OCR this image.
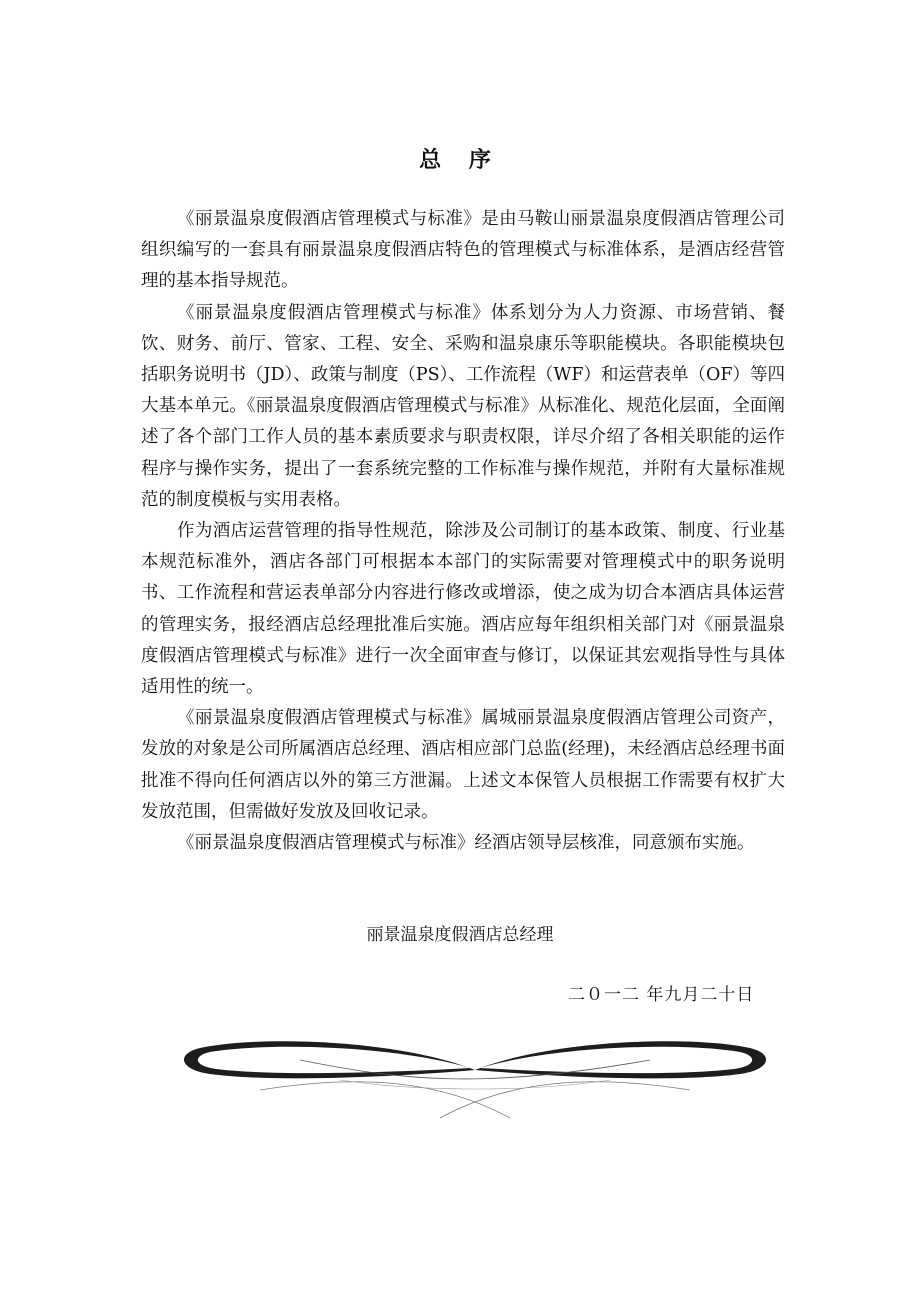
总 序

《丽景温泉度假酒店管理模式与标准》是由马鞍山丽景温泉度假酒店管理公司组织编写的一套具有丽景温泉度假酒店特色的管理模式与标准体系，是酒店经营管理的基本指导规范。

《丽景温泉度假酒店管理模式与标准》体系划分为人力资源、市场营销、餐饮、财务、前厅、管家、工程、安全、采购和温泉康乐等职能模块。各职能模块包括职务说明书（JD）、政策与制度（PS）、工作流程（WF）和运营表单（OF）等四大基本单元。《丽景温泉度假酒店管理模式与标准》从标准化、规范化层面，全面阐述了各个部门工作人员的基本素质要求与职责权限，详尽介绍了各相关职能的运作程序与操作实务，提出了一套系统完整的工作标准与操作规范，并附有大量标准规范的制度模板与实用表格。

作为酒店运营管理的指导性规范，除涉及公司制订的基本政策、制度、行业基本规范标准外，酒店各部门可根据本本部门的实际需要对管理模式中的职务说明书、工作流程和营运表单部分内容进行修改或增添，使之成为切合本酒店具体运营的管理实务，报经酒店总经理批准后实施。酒店应每年组织相关部门对《丽景温泉度假酒店管理模式与标准》进行一次全面审查与修订，以保证其宏观指导性与具体适用性的统一。

《丽景温泉度假酒店管理模式与标准》属城丽景温泉度假酒店管理公司资产，发放的对象是公司所属酒店总经理、酒店相应部门总监(经理)，未经酒店总经理书面批准不得向任何酒店以外的第三方泄漏。上述文本保管人员根据工作需要有权扩大发放范围，但需做好发放及回收记录。

《丽景温泉度假酒店管理模式与标准》经酒店领导层核准，同意颁布实施。

丽景温泉度假酒店总经理
二０一二 年九月二十日
